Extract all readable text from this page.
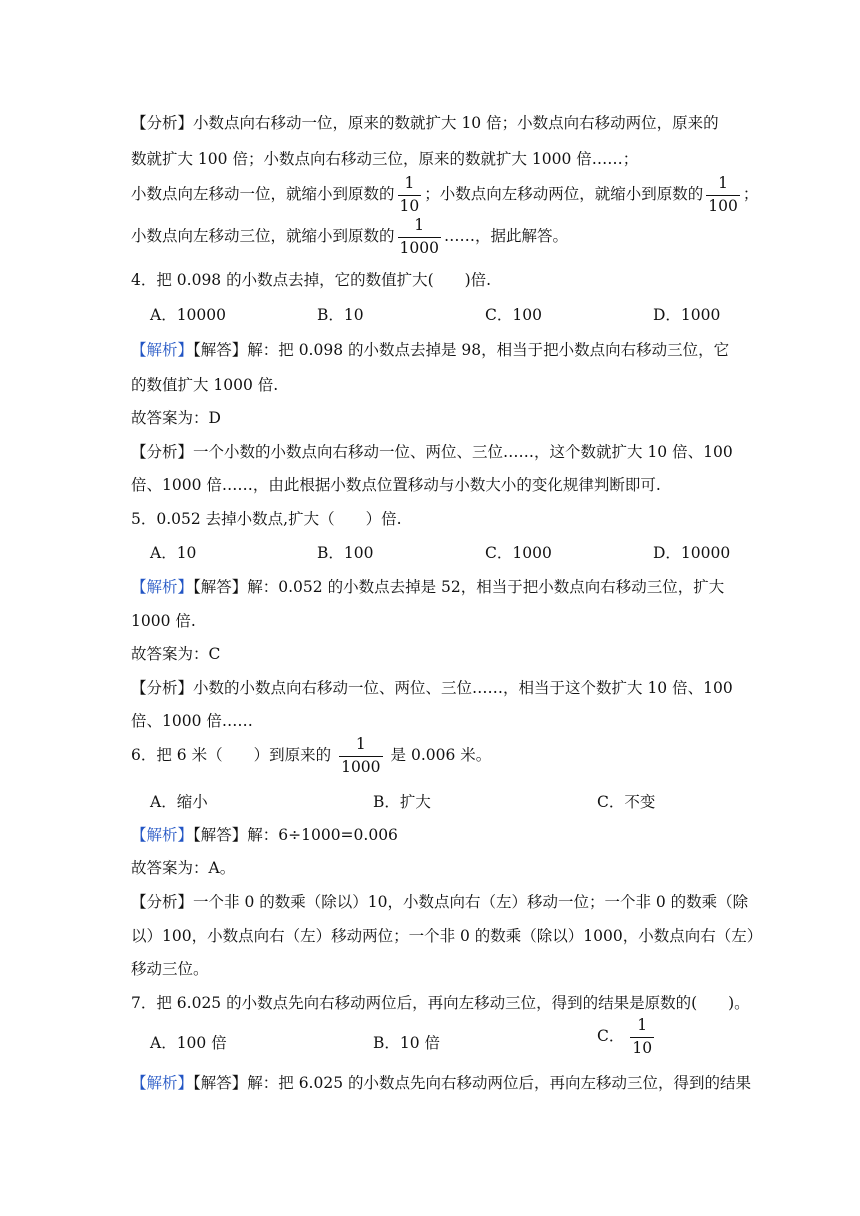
【分析】小数点向右移动一位，原来的数就扩大 10 倍；小数点向右移动两位，原来的
数就扩大 100 倍；小数点向右移动三位，原来的数就扩大 1000 倍……；
小数点向左移动一位，就缩小到原数的 $\frac{1}{10}$ ；小数点向左移动两位，就缩小到原数的 $\frac{1}{100}$ ；
小数点向左移动三位，就缩小到原数的 $\frac{1}{1000}$ ……，据此解答。
4．把 0.098 的小数点去掉，它的数值扩大(　　)倍.
A．10000	B．10	C．100	D．1000
【解析】【解答】解：把 0.098 的小数点去掉是 98，相当于把小数点向右移动三位，它
的数值扩大 1000 倍.
故答案为：D
【分析】一个小数的小数点向右移动一位、两位、三位……，这个数就扩大 10 倍、100
倍、1000 倍……，由此根据小数点位置移动与小数大小的变化规律判断即可.
5．0.052 去掉小数点,扩大（　　）倍.
A．10	B．100	C．1000	D．10000
【解析】【解答】解：0.052 的小数点去掉是 52，相当于把小数点向右移动三位，扩大
1000 倍.
故答案为：C
【分析】小数的小数点向右移动一位、两位、三位……，相当于这个数扩大 10 倍、100
倍、1000 倍……
6．把 6 米（　　）到原来的 $\frac{1}{1000}$ 是 0.006 米。
A．缩小	B．扩大	C．不变
【解析】【解答】解：6÷1000=0.006
故答案为：A。
【分析】一个非 0 的数乘（除以）10，小数点向右（左）移动一位；一个非 0 的数乘（除
以）100，小数点向右（左）移动两位；一个非 0 的数乘（除以）1000，小数点向右（左）
移动三位。
7．把 6.025 的小数点先向右移动两位后，再向左移动三位，得到的结果是原数的(　　)。
A．100 倍	B．10 倍	C． $\frac{1}{10}$
【解析】【解答】解：把 6.025 的小数点先向右移动两位后，再向左移动三位，得到的结果
